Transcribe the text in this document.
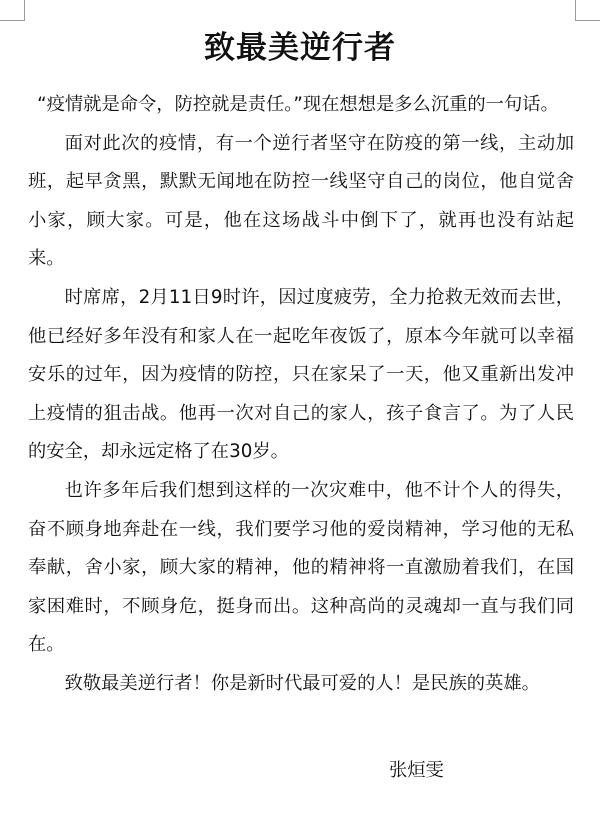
致最美逆行者

“疫情就是命令，防控就是责任。”现在想想是多么沉重的一句话。

面对此次的疫情，有一个逆行者坚守在防疫的第一线，主动加班，起早贪黑，默默无闻地在防控一线坚守自己的岗位，他自觉舍小家，顾大家。可是，他在这场战斗中倒下了，就再也没有站起来。

时席席，2月11日9时许，因过度疲劳，全力抢救无效而去世，他已经好多年没有和家人在一起吃年夜饭了，原本今年就可以幸福安乐的过年，因为疫情的防控，只在家呆了一天，他又重新出发冲上疫情的狙击战。他再一次对自己的家人，孩子食言了。为了人民的安全，却永远定格了在30岁。

也许多年后我们想到这样的一次灾难中，他不计个人的得失，奋不顾身地奔赴在一线，我们要学习他的爱岗精神，学习他的无私奉献，舍小家，顾大家的精神，他的精神将一直激励着我们，在国家困难时，不顾身危，挺身而出。这种高尚的灵魂却一直与我们同在。

致敬最美逆行者！你是新时代最可爱的人！是民族的英雄。

张烜雯
